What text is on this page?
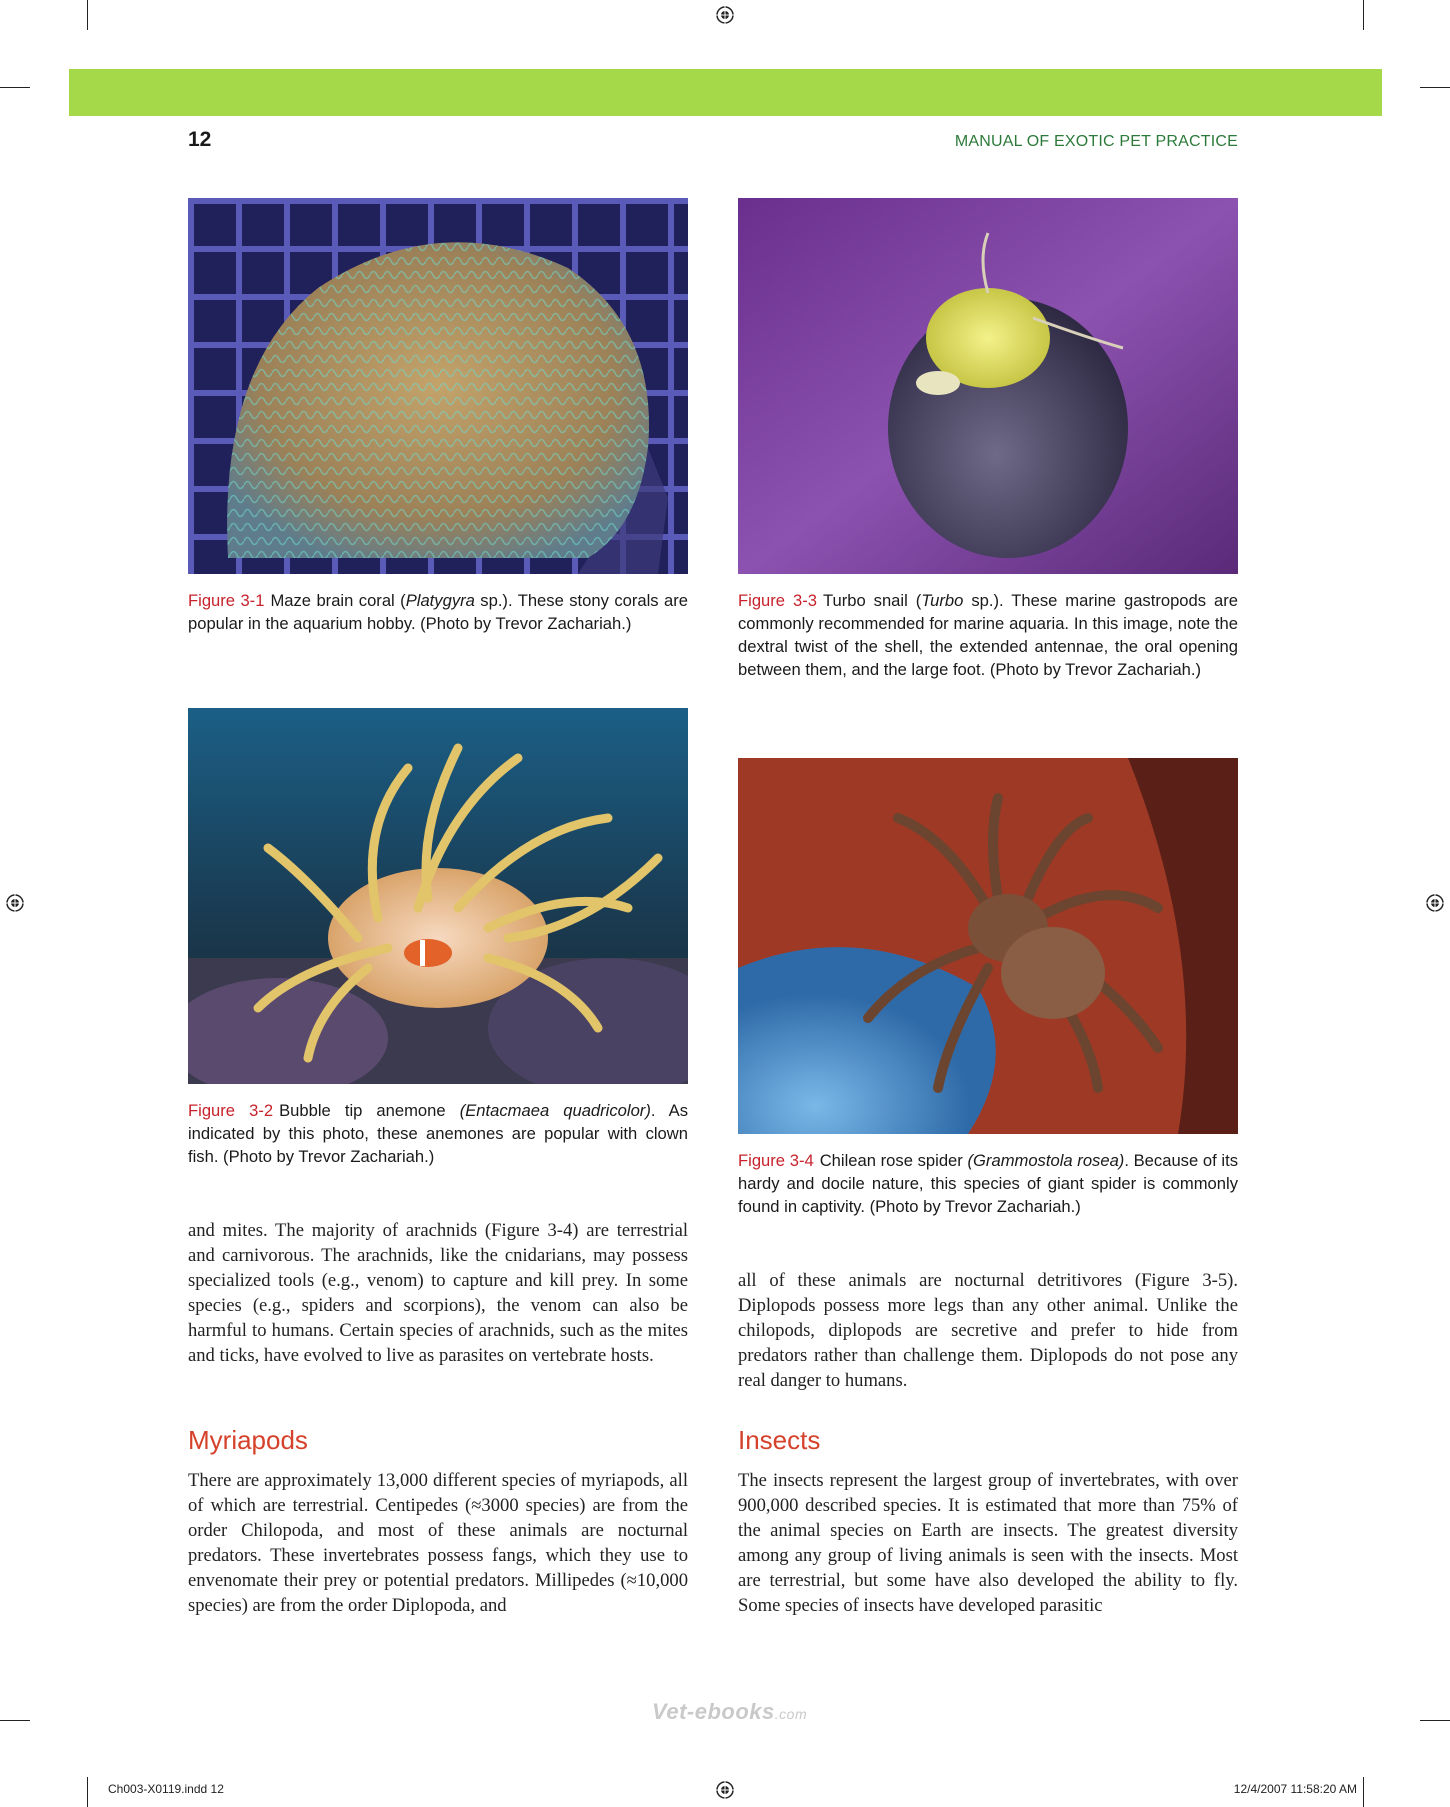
12	MANUAL OF EXOTIC PET PRACTICE
Figure 3-1 Maze brain coral (Platygyra sp.). These stony corals are popular in the aquarium hobby. (Photo by Trevor Zachariah.)
Figure 3-2 Bubble tip anemone (Entacmaea quadricolor). As indicated by this photo, these anemones are popular with clown fish. (Photo by Trevor Zachariah.)
Figure 3-3 Turbo snail (Turbo sp.). These marine gastropods are commonly recommended for marine aquaria. In this image, note the dextral twist of the shell, the extended antennae, the oral opening between them, and the large foot. (Photo by Trevor Zachariah.)
Figure 3-4 Chilean rose spider (Grammostola rosea). Because of its hardy and docile nature, this species of giant spider is commonly found in captivity. (Photo by Trevor Zachariah.)
and mites. The majority of arachnids (Figure 3-4) are terrestrial and carnivorous. The arachnids, like the cnidarians, may possess specialized tools (e.g., venom) to capture and kill prey. In some species (e.g., spiders and scorpions), the venom can also be harmful to humans. Certain species of arachnids, such as the mites and ticks, have evolved to live as parasites on vertebrate hosts.
Myriapods
There are approximately 13,000 different species of myriapods, all of which are terrestrial. Centipedes (≈3000 species) are from the order Chilopoda, and most of these animals are nocturnal predators. These invertebrates possess fangs, which they use to envenomate their prey or potential predators. Millipedes (≈10,000 species) are from the order Diplopoda, and
all of these animals are nocturnal detritivores (Figure 3-5). Diplopods possess more legs than any other animal. Unlike the chilopods, diplopods are secretive and prefer to hide from predators rather than challenge them. Diplopods do not pose any real danger to humans.
Insects
The insects represent the largest group of invertebrates, with over 900,000 described species. It is estimated that more than 75% of the animal species on Earth are insects. The greatest diversity among any group of living animals is seen with the insects. Most are terrestrial, but some have also developed the ability to fly. Some species of insects have developed parasitic
Vet-ebooks.com
Ch003-X0119.indd 12	12/4/2007 11:58:20 AM
